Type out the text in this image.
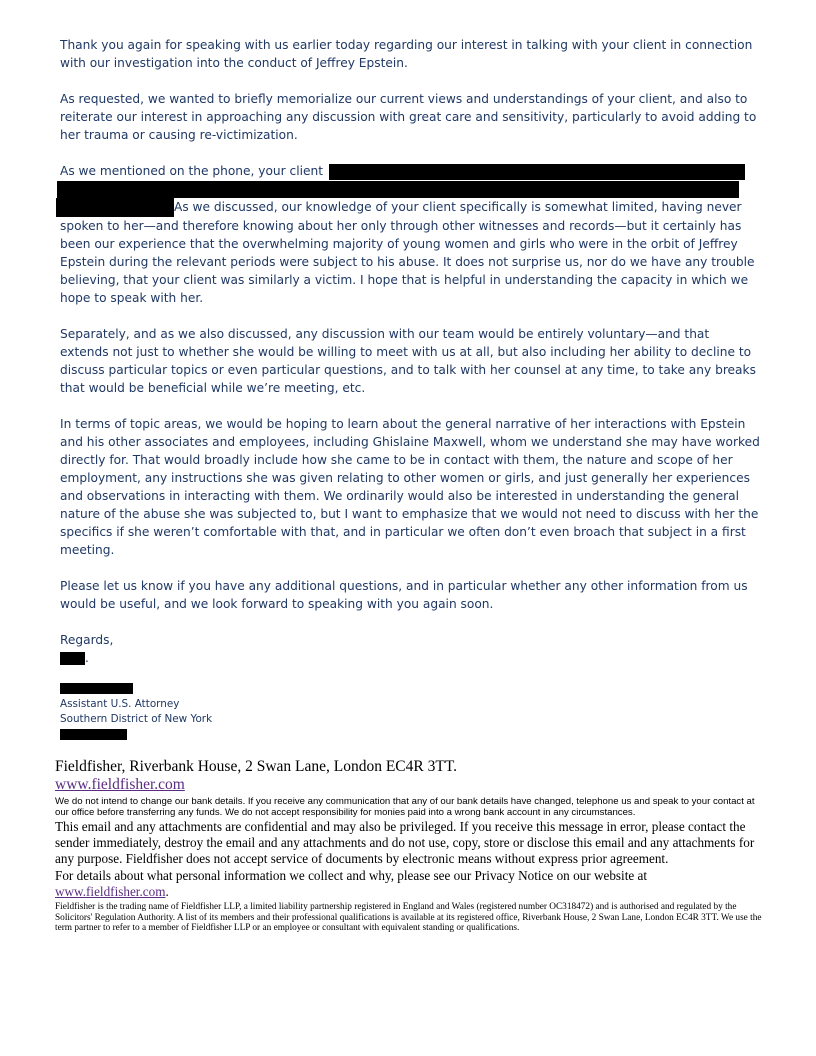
Thank you again for speaking with us earlier today regarding our interest in talking with your client in connection with our investigation into the conduct of Jeffrey Epstein.

As requested, we wanted to briefly memorialize our current views and understandings of your client, and also to reiterate our interest in approaching any discussion with great care and sensitivity, particularly to avoid adding to her trauma or causing re-victimization.

As we mentioned on the phone, your client
As we discussed, our knowledge of your client specifically is somewhat limited, having never spoken to her—and therefore knowing about her only through other witnesses and records—but it certainly has been our experience that the overwhelming majority of young women and girls who were in the orbit of Jeffrey Epstein during the relevant periods were subject to his abuse. It does not surprise us, nor do we have any trouble believing, that your client was similarly a victim. I hope that is helpful in understanding the capacity in which we hope to speak with her.

Separately, and as we also discussed, any discussion with our team would be entirely voluntary—and that extends not just to whether she would be willing to meet with us at all, but also including her ability to decline to discuss particular topics or even particular questions, and to talk with her counsel at any time, to take any breaks that would be beneficial while we’re meeting, etc.

In terms of topic areas, we would be hoping to learn about the general narrative of her interactions with Epstein and his other associates and employees, including Ghislaine Maxwell, whom we understand she may have worked directly for. That would broadly include how she came to be in contact with them, the nature and scope of her employment, any instructions she was given relating to other women or girls, and just generally her experiences and observations in interacting with them. We ordinarily would also be interested in understanding the general nature of the abuse she was subjected to, but I want to emphasize that we would not need to discuss with her the specifics if she weren’t comfortable with that, and in particular we often don’t even broach that subject in a first meeting.

Please let us know if you have any additional questions, and in particular whether any other information from us would be useful, and we look forward to speaking with you again soon.

Regards,
.
Assistant U.S. Attorney
Southern District of New York
Fieldfisher, Riverbank House, 2 Swan Lane, London EC4R 3TT.
www.fieldfisher.com
We do not intend to change our bank details. If you receive any communication that any of our bank details have changed, telephone us and speak to your contact at our office before transferring any funds. We do not accept responsibility for monies paid into a wrong bank account in any circumstances.
This email and any attachments are confidential and may also be privileged. If you receive this message in error, please contact the sender immediately, destroy the email and any attachments and do not use, copy, store or disclose this email and any attachments for any purpose. Fieldfisher does not accept service of documents by electronic means without express prior agreement.
For details about what personal information we collect and why, please see our Privacy Notice on our website at
www.fieldfisher.com.
Fieldfisher is the trading name of Fieldfisher LLP, a limited liability partnership registered in England and Wales (registered number OC318472) and is authorised and regulated by the Solicitors' Regulation Authority. A list of its members and their professional qualifications is available at its registered office, Riverbank House, 2 Swan Lane, London EC4R 3TT. We use the term partner to refer to a member of Fieldfisher LLP or an employee or consultant with equivalent standing or qualifications.
